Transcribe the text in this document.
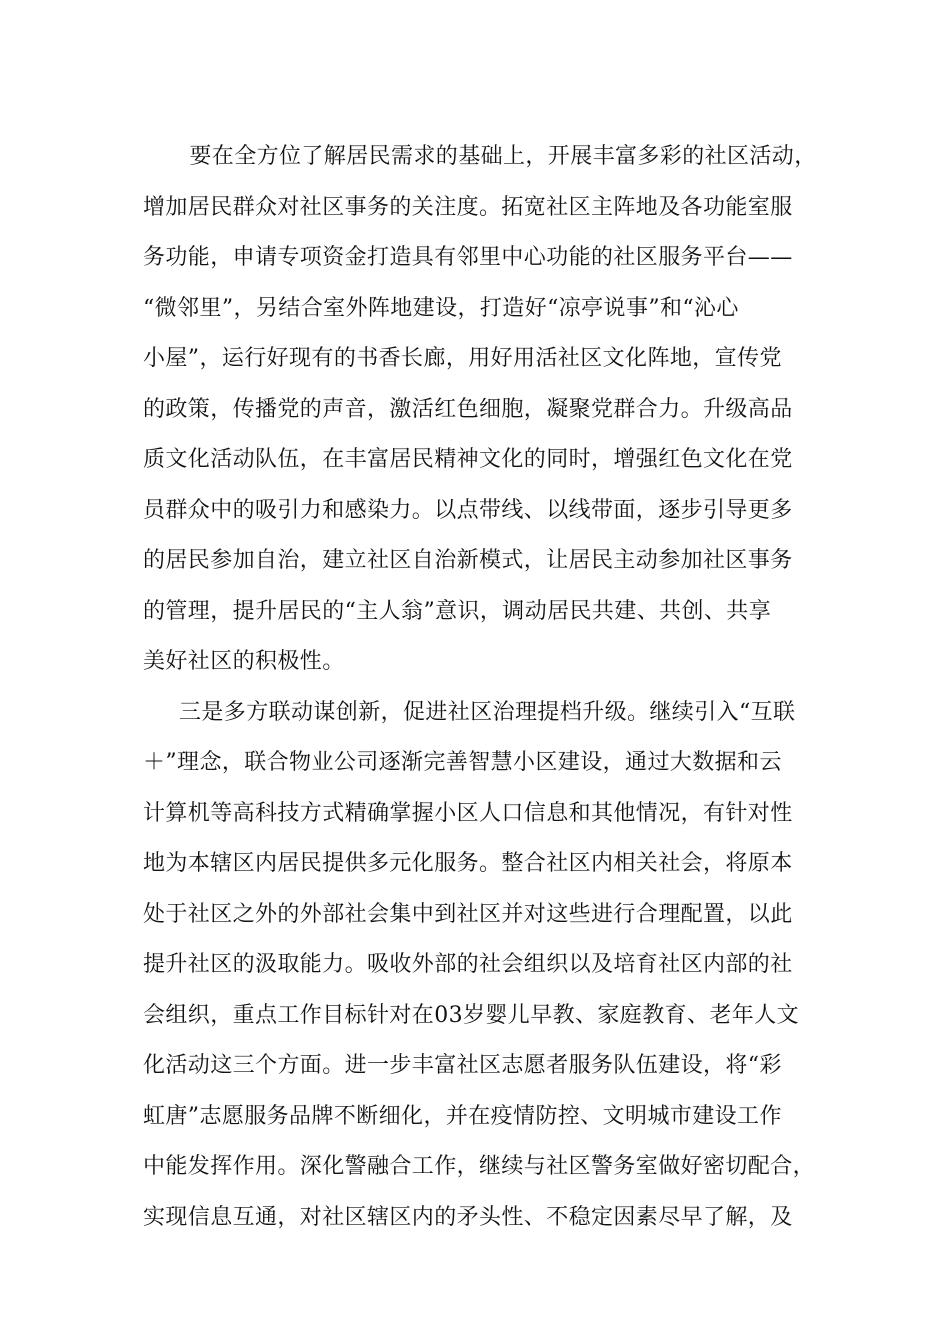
　要在全方位了解居民需求的基础上，开展丰富多彩的社区活动，
增加居民群众对社区事务的关注度。拓宽社区主阵地及各功能室服
务功能，申请专项资金打造具有邻里中心功能的社区服务平台——
“微邻里”，另结合室外阵地建设，打造好“凉亭说事”和“沁心
小屋”，运行好现有的书香长廊，用好用活社区文化阵地，宣传党
的政策，传播党的声音，激活红色细胞，凝聚党群合力。升级高品
质文化活动队伍，在丰富居民精神文化的同时，增强红色文化在党
员群众中的吸引力和感染力。以点带线、以线带面，逐步引导更多
的居民参加自治，建立社区自治新模式，让居民主动参加社区事务
的管理，提升居民的“主人翁”意识，调动居民共建、共创、共享
美好社区的积极性。
三是多方联动谋创新，促进社区治理提档升级。继续引入“互联
＋”理念，联合物业公司逐渐完善智慧小区建设，通过大数据和云
计算机等高科技方式精确掌握小区人口信息和其他情况，有针对性
地为本辖区内居民提供多元化服务。整合社区内相关社会，将原本
处于社区之外的外部社会集中到社区并对这些进行合理配置，以此
提升社区的汲取能力。吸收外部的社会组织以及培育社区内部的社
会组织，重点工作目标针对在03岁婴儿早教、家庭教育、老年人文
化活动这三个方面。进一步丰富社区志愿者服务队伍建设，将“彩
虹唐”志愿服务品牌不断细化，并在疫情防控、文明城市建设工作
中能发挥作用。深化警融合工作，继续与社区警务室做好密切配合，
实现信息互通，对社区辖区内的矛头性、不稳定因素尽早了解，及
